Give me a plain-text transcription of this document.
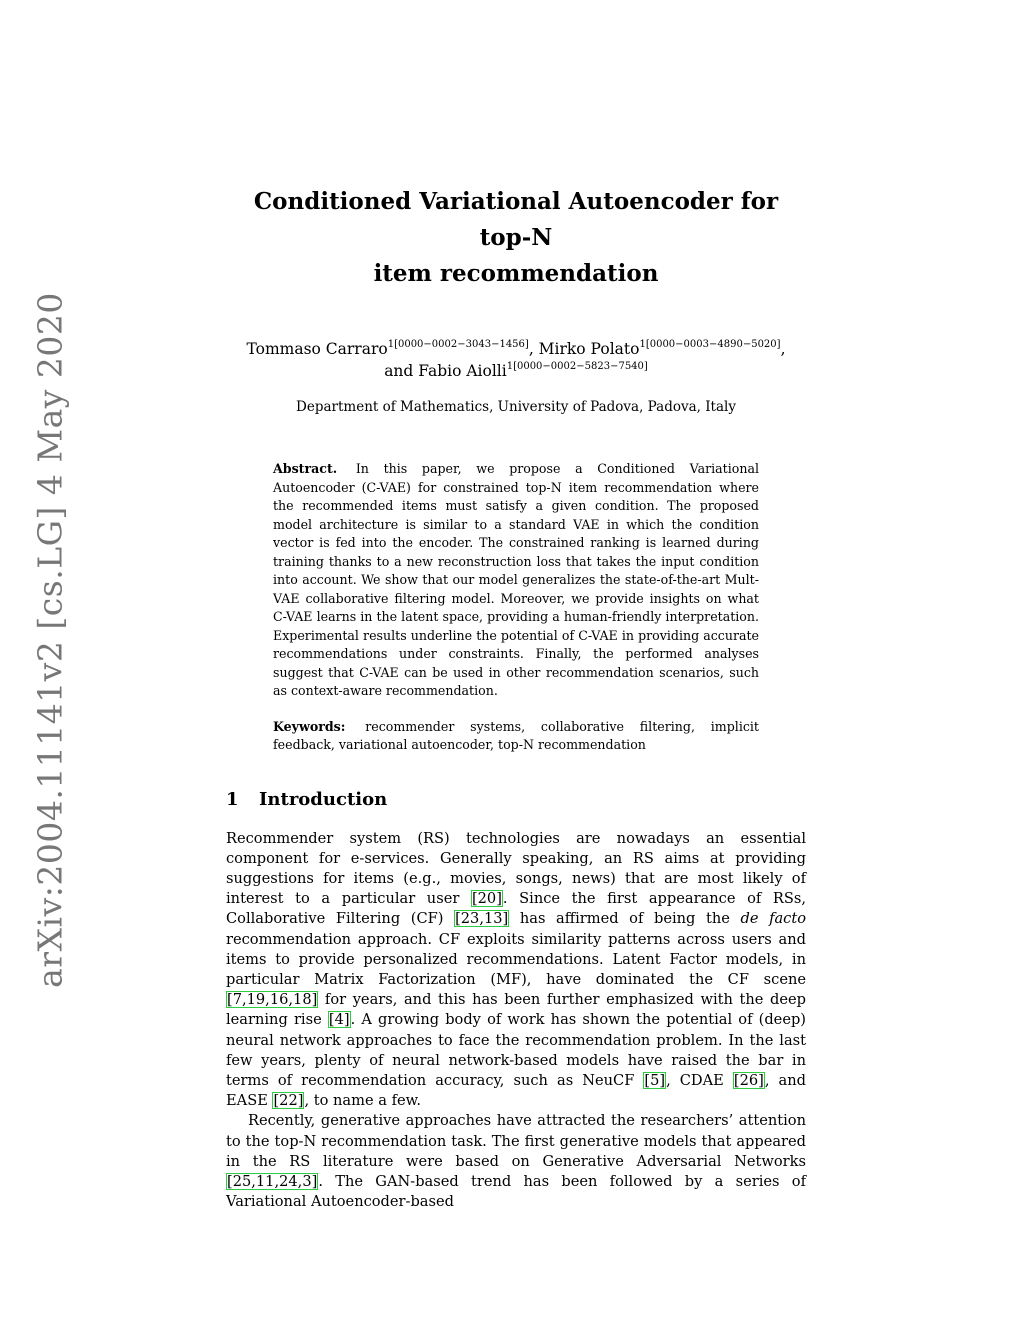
arXiv:2004.11141v2 [cs.LG] 4 May 2020
Conditioned Variational Autoencoder for top-N
item recommendation
Tommaso Carraro$^{1[0000-0002-3043-1456]}$, Mirko Polato$^{1[0000-0003-4890-5020]}$,
and Fabio Aiolli$^{1[0000-0002-5823-7540]}$
Department of Mathematics, University of Padova, Padova, Italy
Abstract. In this paper, we propose a Conditioned Variational Autoencoder (C-VAE) for constrained top-N item recommendation where the recommended items must satisfy a given condition. The proposed model architecture is similar to a standard VAE in which the condition vector is fed into the encoder. The constrained ranking is learned during training thanks to a new reconstruction loss that takes the input condition into account. We show that our model generalizes the state-of-the-art Mult-VAE collaborative filtering model. Moreover, we provide insights on what C-VAE learns in the latent space, providing a human-friendly interpretation. Experimental results underline the potential of C-VAE in providing accurate recommendations under constraints. Finally, the performed analyses suggest that C-VAE can be used in other recommendation scenarios, such as context-aware recommendation.
Keywords: recommender systems, collaborative filtering, implicit feedback, variational autoencoder, top-N recommendation
1	Introduction

Recommender system (RS) technologies are nowadays an essential component for e-services. Generally speaking, an RS aims at providing suggestions for items (e.g., movies, songs, news) that are most likely of interest to a particular user [20]. Since the first appearance of RSs, Collaborative Filtering (CF) [23,13] has affirmed of being the de facto recommendation approach. CF exploits similarity patterns across users and items to provide personalized recommendations. Latent Factor models, in particular Matrix Factorization (MF), have dominated the CF scene [7,19,16,18] for years, and this has been further emphasized with the deep learning rise [4]. A growing body of work has shown the potential of (deep) neural network approaches to face the recommendation problem. In the last few years, plenty of neural network-based models have raised the bar in terms of recommendation accuracy, such as NeuCF [5], CDAE [26], and EASE [22], to name a few.

Recently, generative approaches have attracted the researchers’ attention to the top-N recommendation task. The first generative models that appeared in the RS literature were based on Generative Adversarial Networks [25,11,24,3]. The GAN-based trend has been followed by a series of Variational Autoencoder-based
